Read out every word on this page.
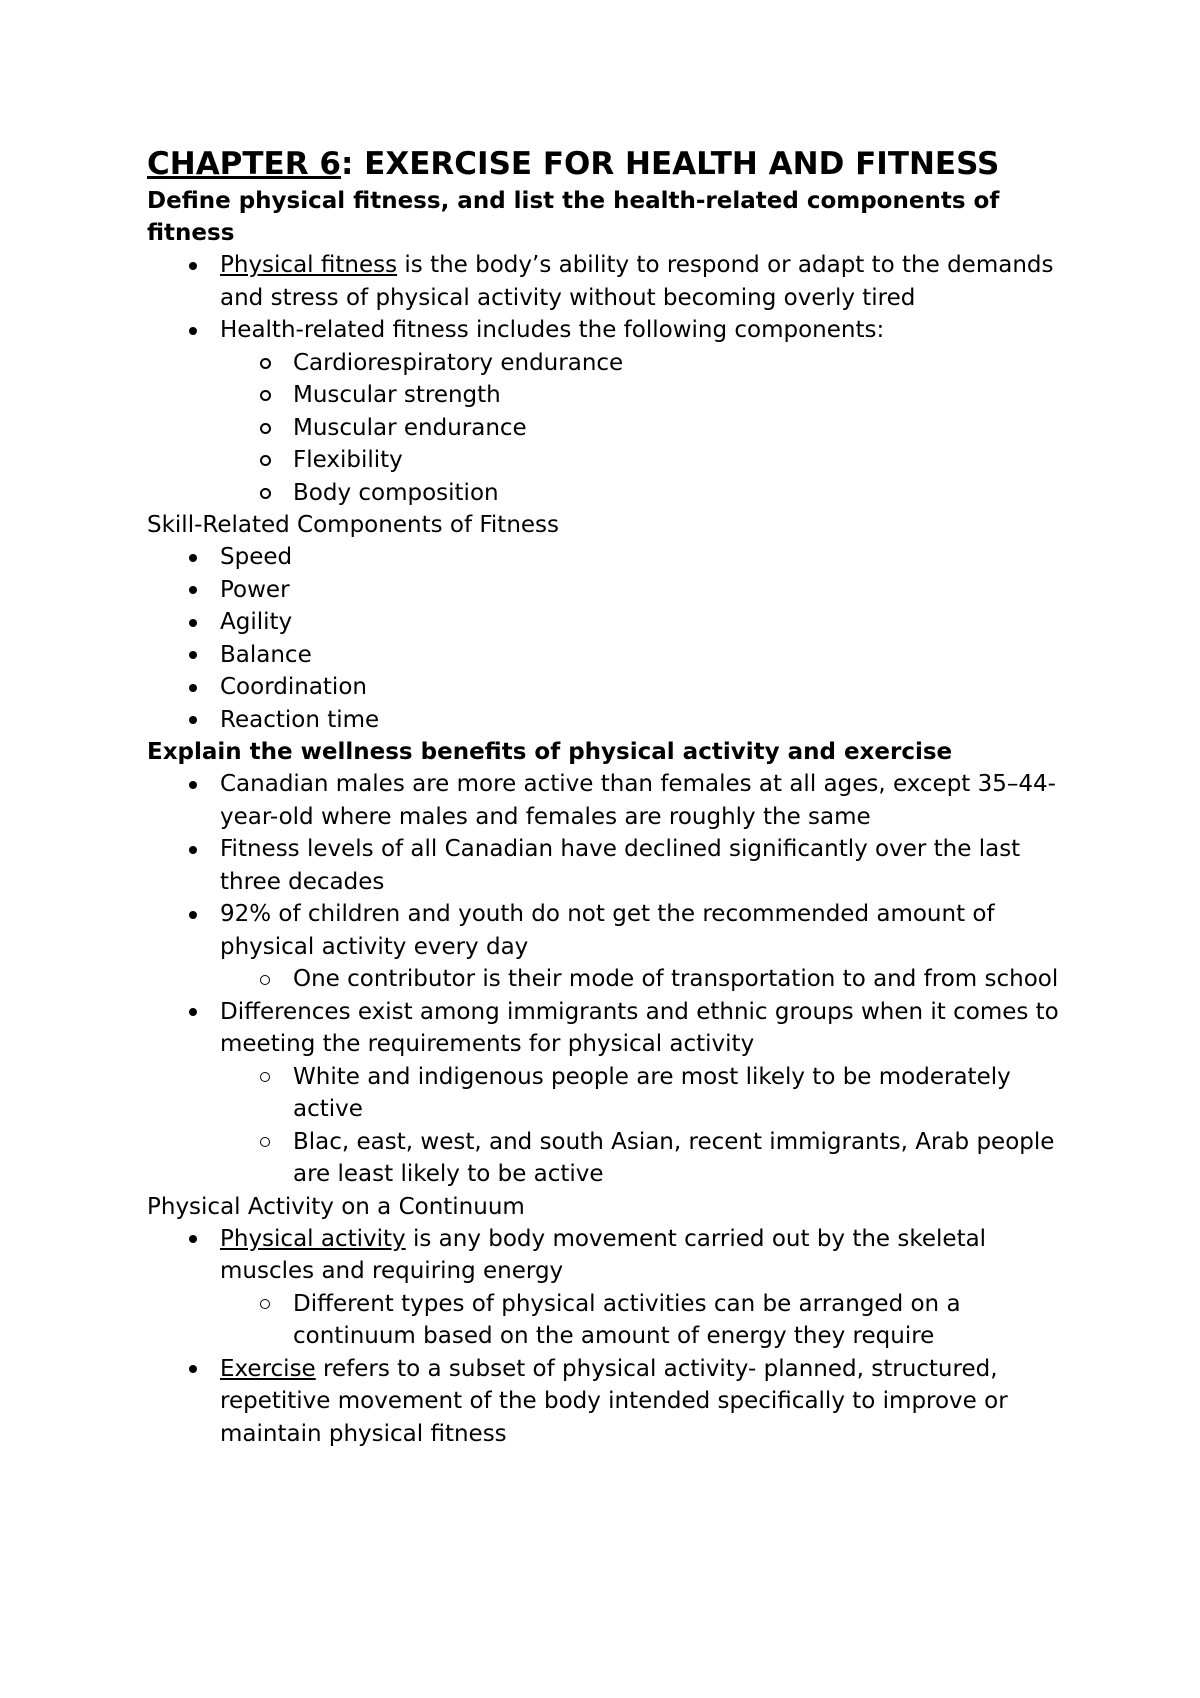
CHAPTER 6: EXERCISE FOR HEALTH AND FITNESS

Define physical fitness, and list the health-related components of fitness

Physical fitness is the body’s ability to respond or adapt to the demands and stress of physical activity without becoming overly tired
Health-related fitness includes the following components:
Cardiorespiratory endurance
Muscular strength
Muscular endurance
Flexibility
Body composition

Skill-Related Components of Fitness

Speed
Power
Agility
Balance
Coordination
Reaction time

Explain the wellness benefits of physical activity and exercise

Canadian males are more active than females at all ages, except 35–44-year-old where males and females are roughly the same
Fitness levels of all Canadian have declined significantly over the last three decades
92% of children and youth do not get the recommended amount of physical activity every day
One contributor is their mode of transportation to and from school
Differences exist among immigrants and ethnic groups when it comes to meeting the requirements for physical activity
White and indigenous people are most likely to be moderately active
Blac, east, west, and south Asian, recent immigrants, Arab people are least likely to be active

Physical Activity on a Continuum

Physical activity is any body movement carried out by the skeletal muscles and requiring energy
Different types of physical activities can be arranged on a continuum based on the amount of energy they require
Exercise refers to a subset of physical activity- planned, structured, repetitive movement of the body intended specifically to improve or maintain physical fitness
